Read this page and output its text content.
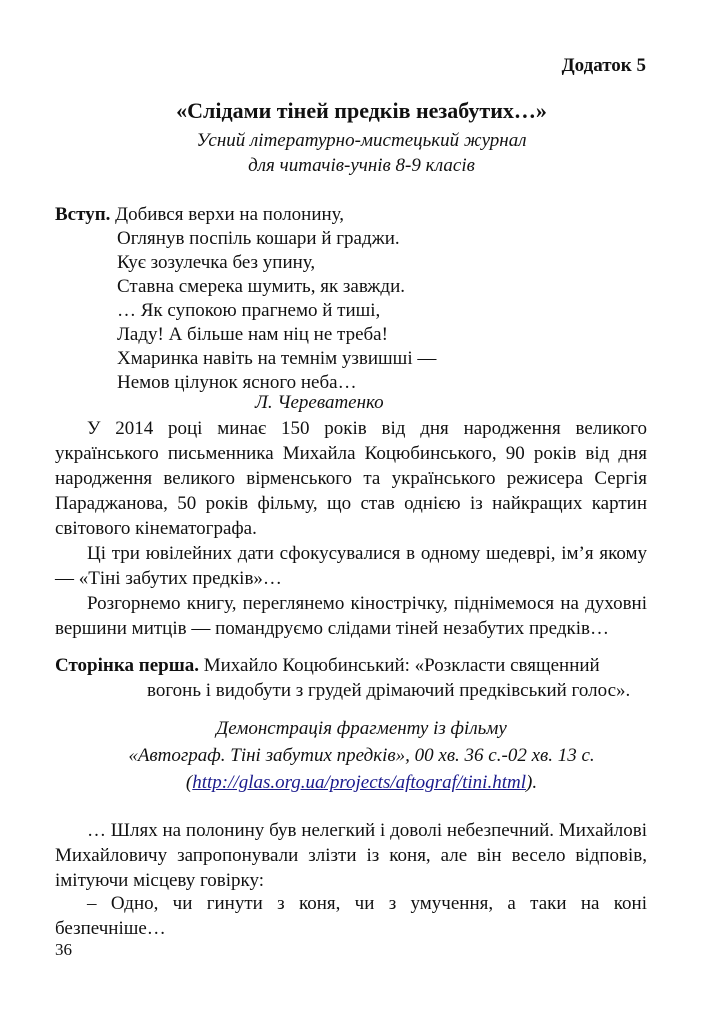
Додаток 5
«Слідами тіней предків незабутих…»
Усний літературно-мистецький журнал
для читачів-учнів 8-9 класів
Вступ. Добився верхи на полонину,
Оглянув поспіль кошари й граджи.
Кує зозулечка без упину,
Ставна смерека шумить, як завжди.
… Як супокою прагнемо й тиші,
Ладу! А більше нам ніц не треба!
Хмаринка навіть на темнім узвишші —
Немов цілунок ясного неба…
Л. Череватенко

У 2014 році минає 150 років від дня народження великого українського письменника Михайла Коцюбинського, 90 років від дня народження великого вірменського та українського режисера Сергія Параджанова, 50 років фільму, що став однією із найкращих картин світового кінематографа.

Ці три ювілейних дати сфокусувалися в одному шедеврі, ім’я якому — «Тіні забутих предків»…

Розгорнемо книгу, переглянемо кінострічку, піднімемося на духовні вершини митців — помандруємо слідами тіней незабутих предків…

Сторінка перша. Михайло Коцюбинський: «Розкласти священний
вогонь і видобути з грудей дрімаючий предківський голос».
Демонстрація фрагменту із фільму
«Автограф. Тіні забутих предків», 00 хв. 36 с.-02 хв. 13 с.
(http://glas.org.ua/projects/aftograf/tini.html).

… Шлях на полонину був нелегкий і доволі небезпечний. Михайлові Михайловичу запропонували злізти із коня, але він весело відповів, імітуючи місцеву говірку:

– Одно, чи гинути з коня, чи з умучення, а таки на коні безпечніше…

36
